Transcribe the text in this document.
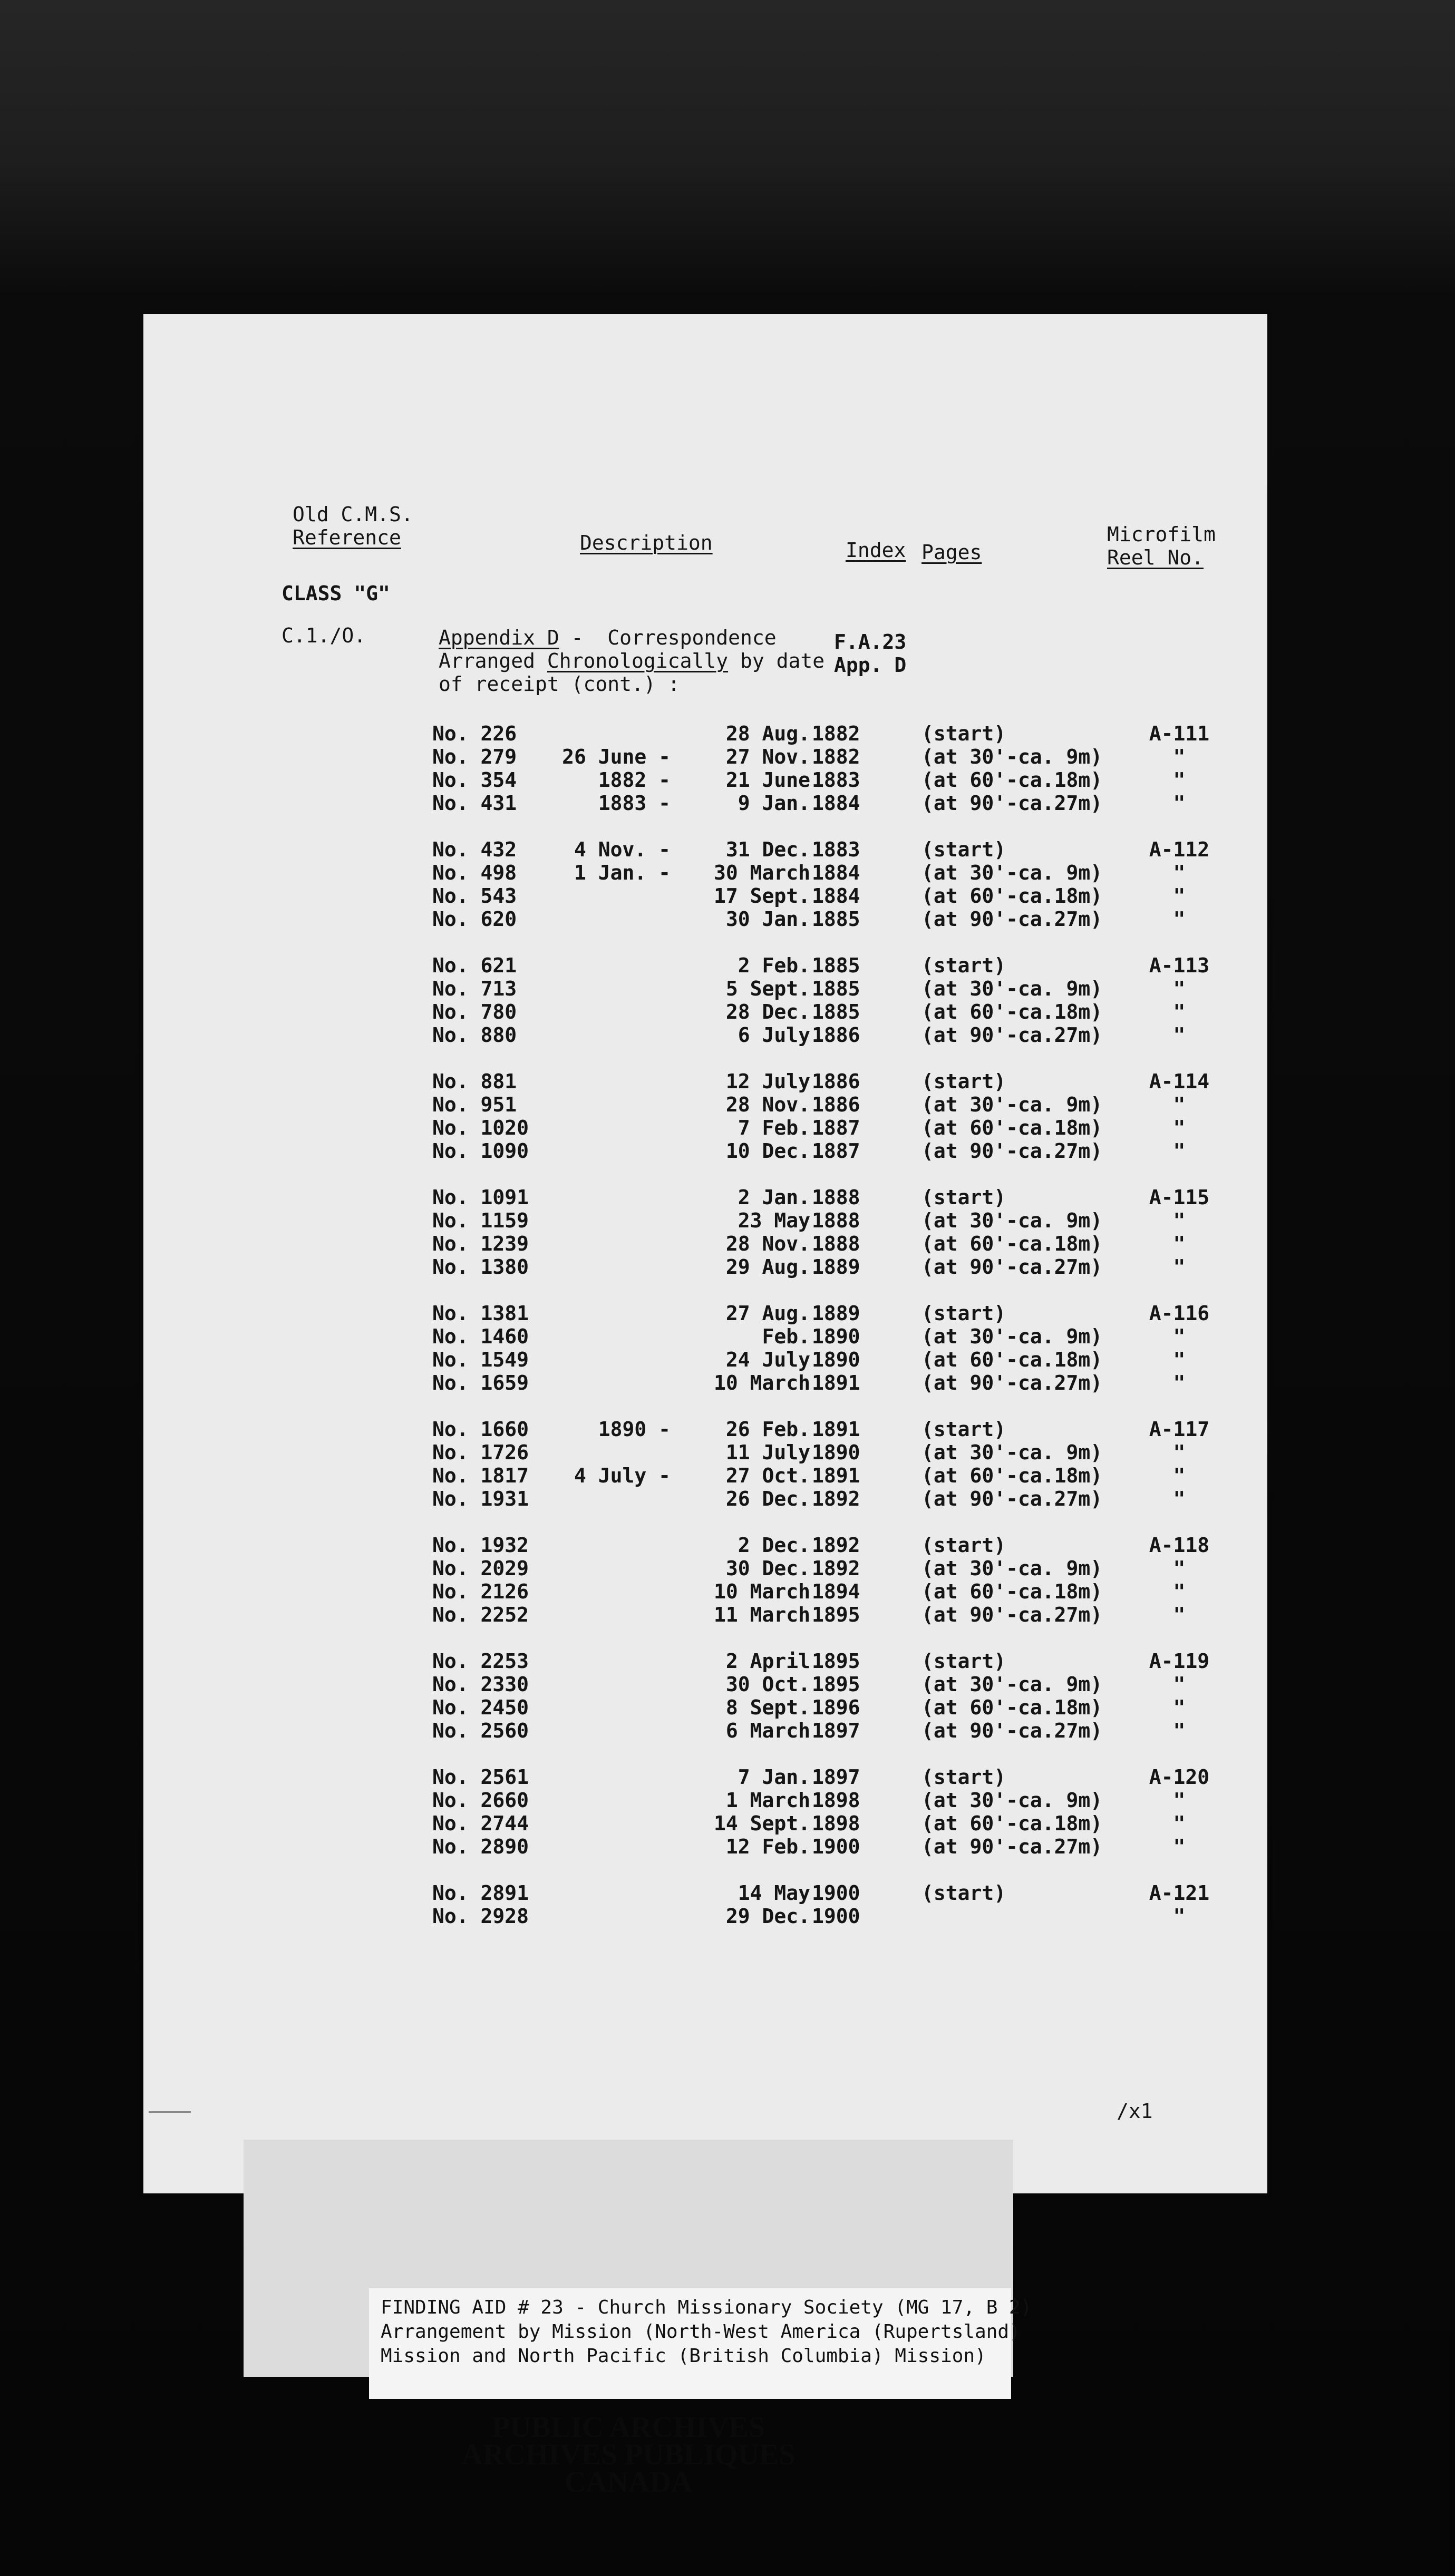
Old C.M.S.
Reference	Description	Index Pages
Microfilm
Reel No.
CLASS "G"
C.1./O.	Appendix D -  Correspondence
Arranged Chronologically by date
of receipt (cont.) :
F.A.23
App. D
No. 226	28 Aug. 1882	(start)	A-111
No. 279	26 June -	27 Nov. 1882	(at 30'-ca. 9m)	"
No. 354	1882 -	21 June 1883	(at 60'-ca.18m)	"
No. 431	1883 -	9 Jan. 1884	(at 90'-ca.27m)	"
No. 432	4 Nov. -	31 Dec. 1883	(start)	A-112
No. 498	1 Jan. -	30 March 1884	(at 30'-ca. 9m)	"
No. 543	17 Sept. 1884	(at 60'-ca.18m)	"
No. 620	30 Jan. 1885	(at 90'-ca.27m)	"
No. 621	2 Feb. 1885	(start)	A-113
No. 713	5 Sept. 1885	(at 30'-ca. 9m)	"
No. 780	28 Dec. 1885	(at 60'-ca.18m)	"
No. 880	6 July 1886	(at 90'-ca.27m)	"
No. 881	12 July 1886	(start)	A-114
No. 951	28 Nov. 1886	(at 30'-ca. 9m)	"
No. 1020	7 Feb. 1887	(at 60'-ca.18m)	"
No. 1090	10 Dec. 1887	(at 90'-ca.27m)	"
No. 1091	2 Jan. 1888	(start)	A-115
No. 1159	23 May 1888	(at 30'-ca. 9m)	"
No. 1239	28 Nov. 1888	(at 60'-ca.18m)	"
No. 1380	29 Aug. 1889	(at 90'-ca.27m)	"
No. 1381	27 Aug. 1889	(start)	A-116
No. 1460	Feb. 1890	(at 30'-ca. 9m)	"
No. 1549	24 July 1890	(at 60'-ca.18m)	"
No. 1659	10 March 1891	(at 90'-ca.27m)	"
No. 1660	1890 -	26 Feb. 1891	(start)	A-117
No. 1726	11 July 1890	(at 30'-ca. 9m)	"
No. 1817	4 July -	27 Oct. 1891	(at 60'-ca.18m)	"
No. 1931	26 Dec. 1892	(at 90'-ca.27m)	"
No. 1932	2 Dec. 1892	(start)	A-118
No. 2029	30 Dec. 1892	(at 30'-ca. 9m)	"
No. 2126	10 March 1894	(at 60'-ca.18m)	"
No. 2252	11 March 1895	(at 90'-ca.27m)	"
No. 2253	2 April 1895	(start)	A-119
No. 2330	30 Oct. 1895	(at 30'-ca. 9m)	"
No. 2450	8 Sept. 1896	(at 60'-ca.18m)	"
No. 2560	6 March 1897	(at 90'-ca.27m)	"
No. 2561	7 Jan. 1897	(start)	A-120
No. 2660	1 March 1898	(at 30'-ca. 9m)	"
No. 2744	14 Sept. 1898	(at 60'-ca.18m)	"
No. 2890	12 Feb. 1900	(at 90'-ca.27m)	"
No. 2891	14 May 1900	(start)	A-121
No. 2928	29 Dec. 1900	"
/x1
FINDING AID # 23 - Church Missionary Society (MG 17, B 2)
Arrangement by Mission (North-West America (Rupertsland)
Mission and North Pacific (British Columbia) Mission)
PUBLIC ARCHIVES
ARCHIVES PUBLIQUES
CANADA
